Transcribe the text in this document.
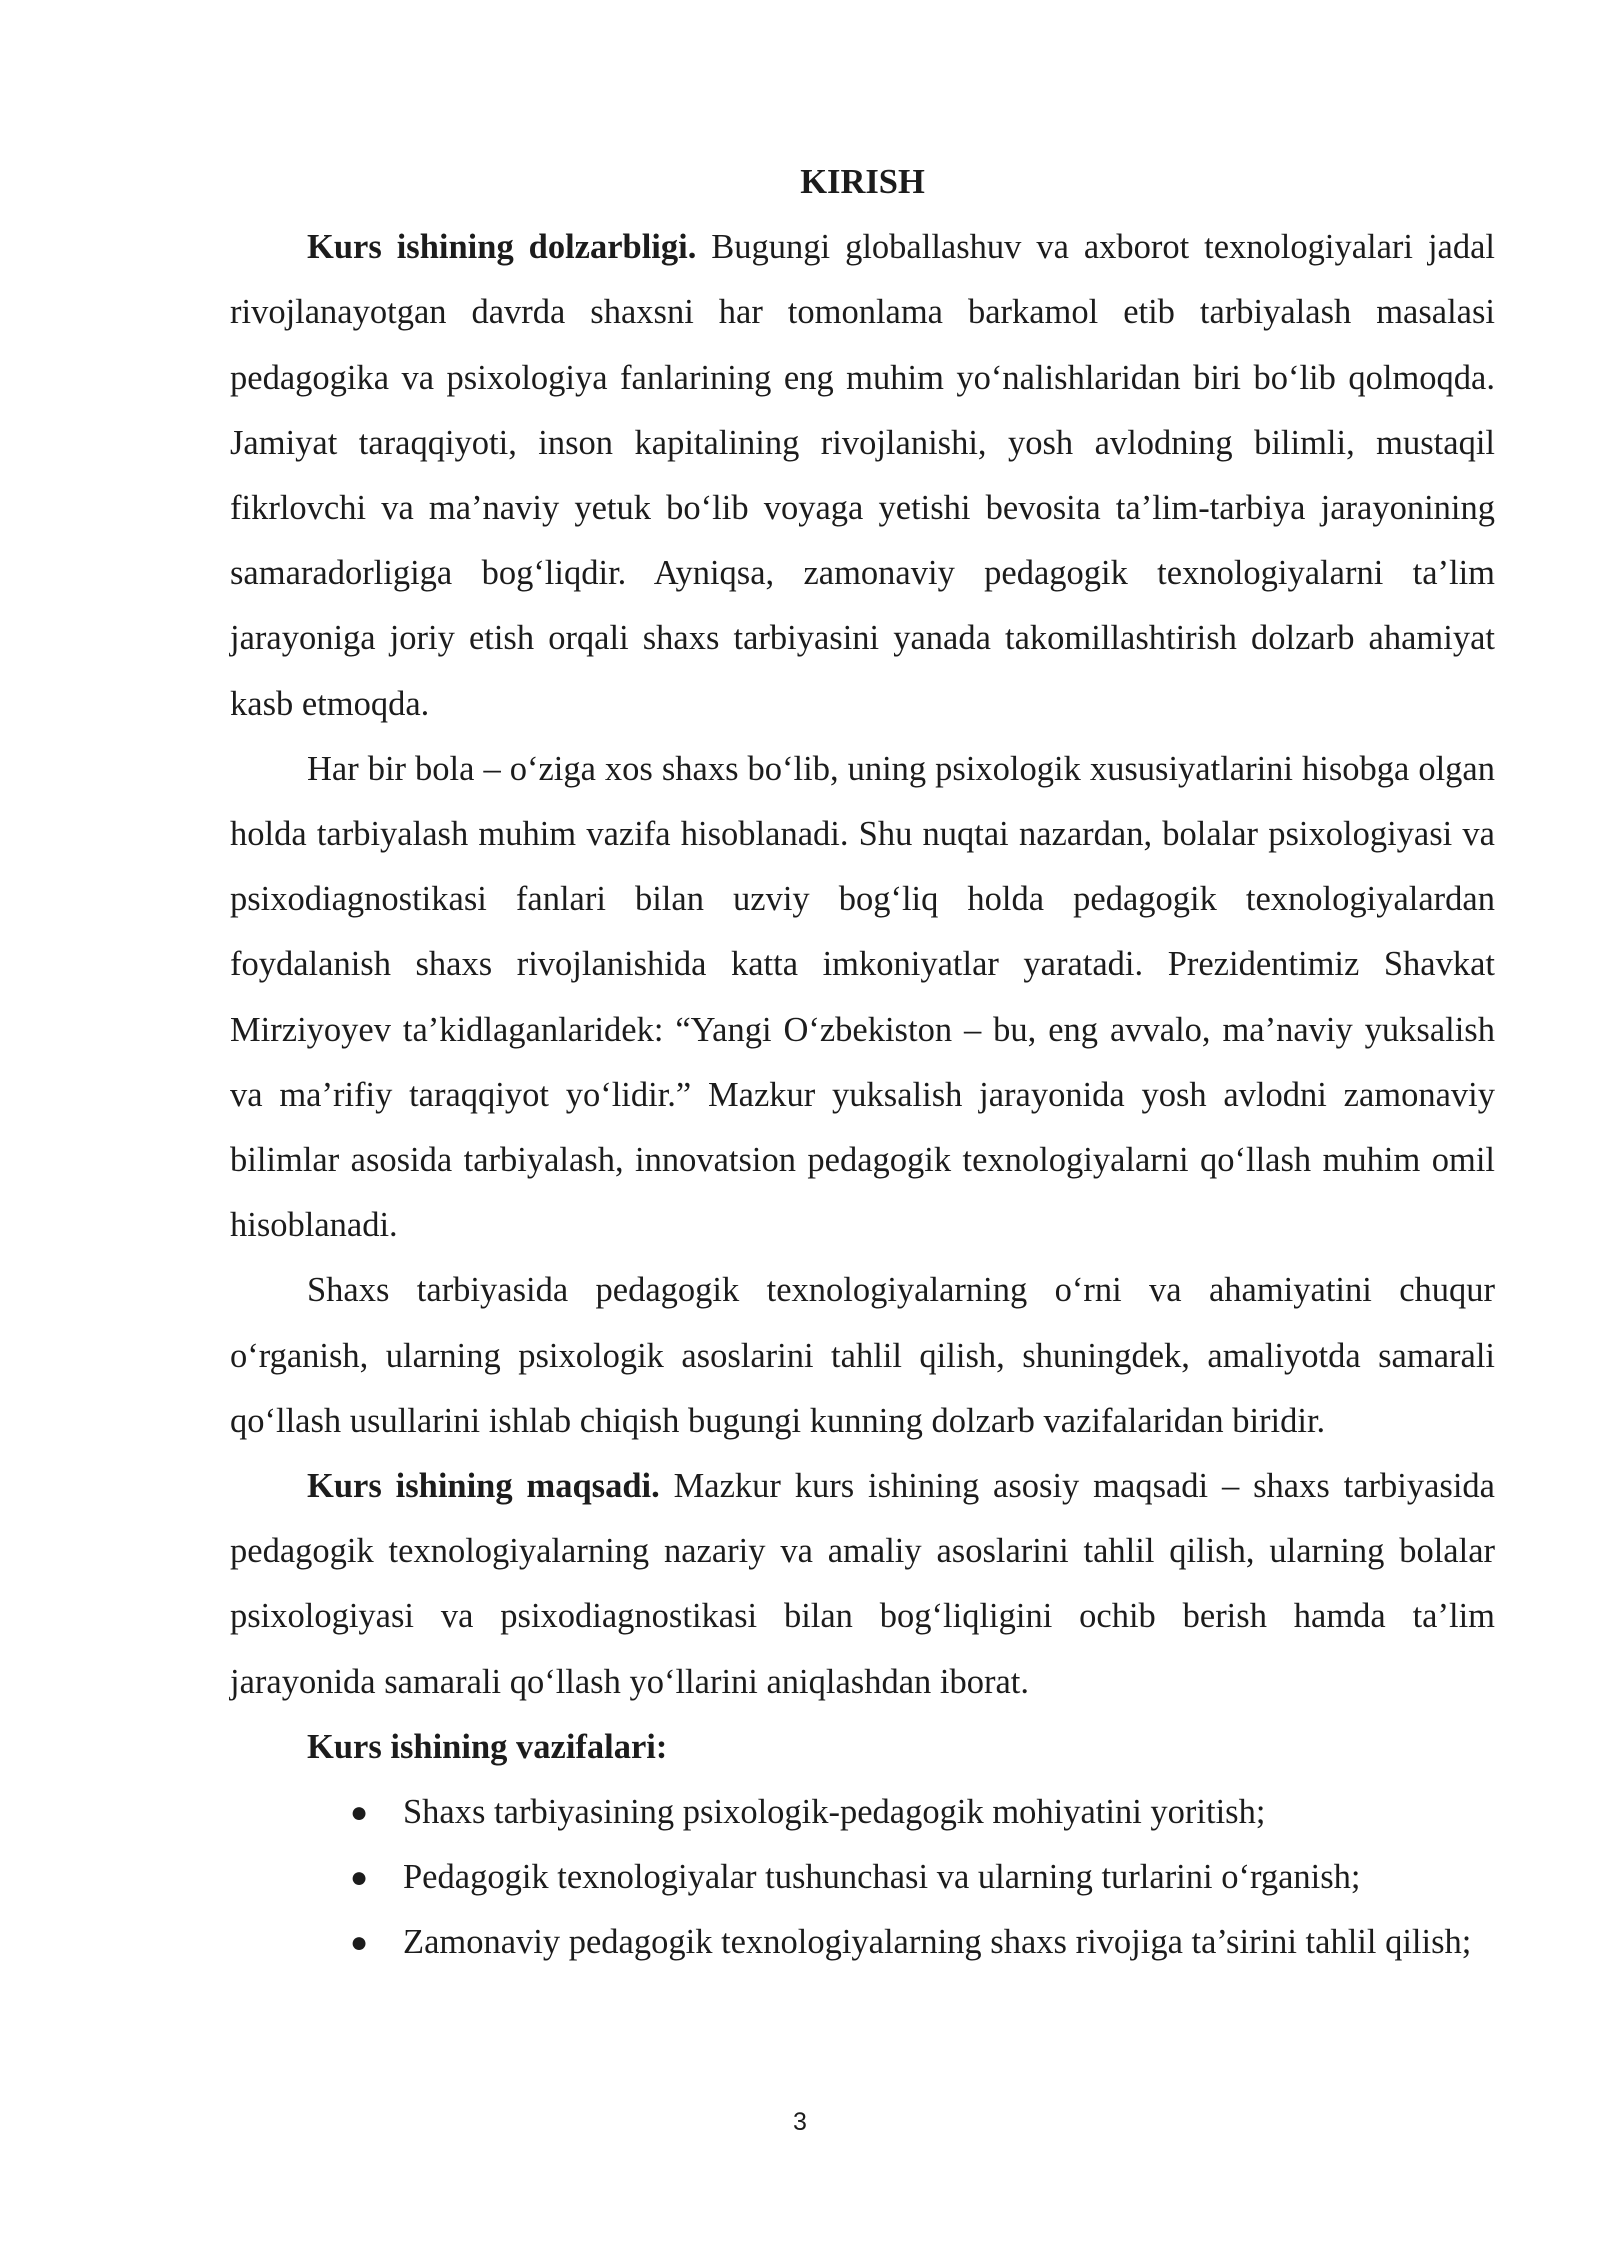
KIRISH

Kurs ishining dolzarbligi. Bugungi globallashuv va axborot texnologiyalari jadal rivojlanayotgan davrda shaxsni har tomonlama barkamol etib tarbiyalash masalasi pedagogika va psixologiya fanlarining eng muhim yo‘nalishlaridan biri bo‘lib qolmoqda. Jamiyat taraqqiyoti, inson kapitalining rivojlanishi, yosh avlodning bilimli, mustaqil fikrlovchi va ma’naviy yetuk bo‘lib voyaga yetishi bevosita ta’lim-tarbiya jarayonining samaradorligiga bog‘liqdir. Ayniqsa, zamonaviy pedagogik texnologiyalarni ta’lim jarayoniga joriy etish orqali shaxs tarbiyasini yanada takomillashtirish dolzarb ahamiyat kasb etmoqda.

Har bir bola – o‘ziga xos shaxs bo‘lib, uning psixologik xususiyatlarini hisobga olgan holda tarbiyalash muhim vazifa hisoblanadi. Shu nuqtai nazardan, bolalar psixologiyasi va psixodiagnostikasi fanlari bilan uzviy bog‘liq holda pedagogik texnologiyalardan foydalanish shaxs rivojlanishida katta imkoniyatlar yaratadi. Prezidentimiz Shavkat Mirziyoyev ta’kidlaganlaridek: “Yangi O‘zbekiston – bu, eng avvalo, ma’naviy yuksalish va ma’rifiy taraqqiyot yo‘lidir.” Mazkur yuksalish jarayonida yosh avlodni zamonaviy bilimlar asosida tarbiyalash, innovatsion pedagogik texnologiyalarni qo‘llash muhim omil hisoblanadi.

Shaxs tarbiyasida pedagogik texnologiyalarning o‘rni va ahamiyatini chuqur o‘rganish, ularning psixologik asoslarini tahlil qilish, shuningdek, amaliyotda samarali qo‘llash usullarini ishlab chiqish bugungi kunning dolzarb vazifalaridan biridir.

Kurs ishining maqsadi. Mazkur kurs ishining asosiy maqsadi – shaxs tarbiyasida pedagogik texnologiyalarning nazariy va amaliy asoslarini tahlil qilish, ularning bolalar psixologiyasi va psixodiagnostikasi bilan bog‘liqligini ochib berish hamda ta’lim jarayonida samarali qo‘llash yo‘llarini aniqlashdan iborat.

Kurs ishining vazifalari:

● Shaxs tarbiyasining psixologik-pedagogik mohiyatini yoritish;
● Pedagogik texnologiyalar tushunchasi va ularning turlarini o‘rganish;
● Zamonaviy pedagogik texnologiyalarning shaxs rivojiga ta’sirini tahlil qilish;
3
